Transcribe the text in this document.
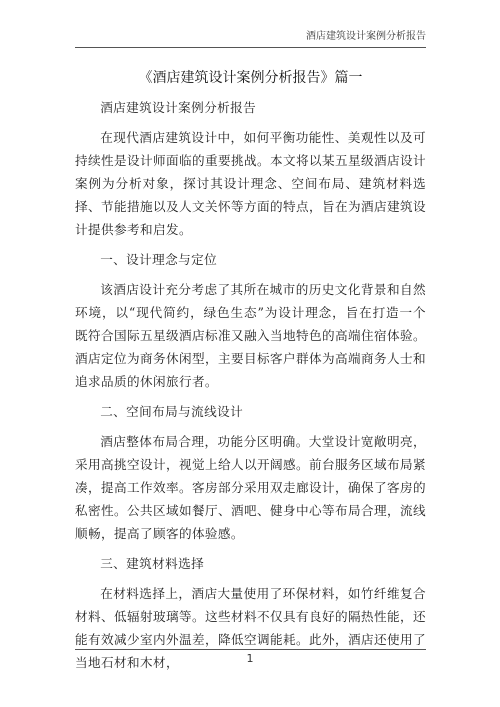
酒店建筑设计案例分析报告
《酒店建筑设计案例分析报告》篇一

酒店建筑设计案例分析报告

在现代酒店建筑设计中，如何平衡功能性、美观性以及可持续性是设计师面临的重要挑战。本文将以某五星级酒店设计案例为分析对象，探讨其设计理念、空间布局、建筑材料选择、节能措施以及人文关怀等方面的特点，旨在为酒店建筑设计提供参考和启发。

一、设计理念与定位

该酒店设计充分考虑了其所在城市的历史文化背景和自然环境，以“现代简约，绿色生态”为设计理念，旨在打造一个既符合国际五星级酒店标准又融入当地特色的高端住宿体验。酒店定位为商务休闲型，主要目标客户群体为高端商务人士和追求品质的休闲旅行者。

二、空间布局与流线设计

酒店整体布局合理，功能分区明确。大堂设计宽敞明亮，采用高挑空设计，视觉上给人以开阔感。前台服务区域布局紧凑，提高工作效率。客房部分采用双走廊设计，确保了客房的私密性。公共区域如餐厅、酒吧、健身中心等布局合理，流线顺畅，提高了顾客的体验感。

三、建筑材料选择

在材料选择上，酒店大量使用了环保材料，如竹纤维复合材料、低辐射玻璃等。这些材料不仅具有良好的隔热性能，还能有效减少室内外温差，降低空调能耗。此外，酒店还使用了当地石材和木材，	1
